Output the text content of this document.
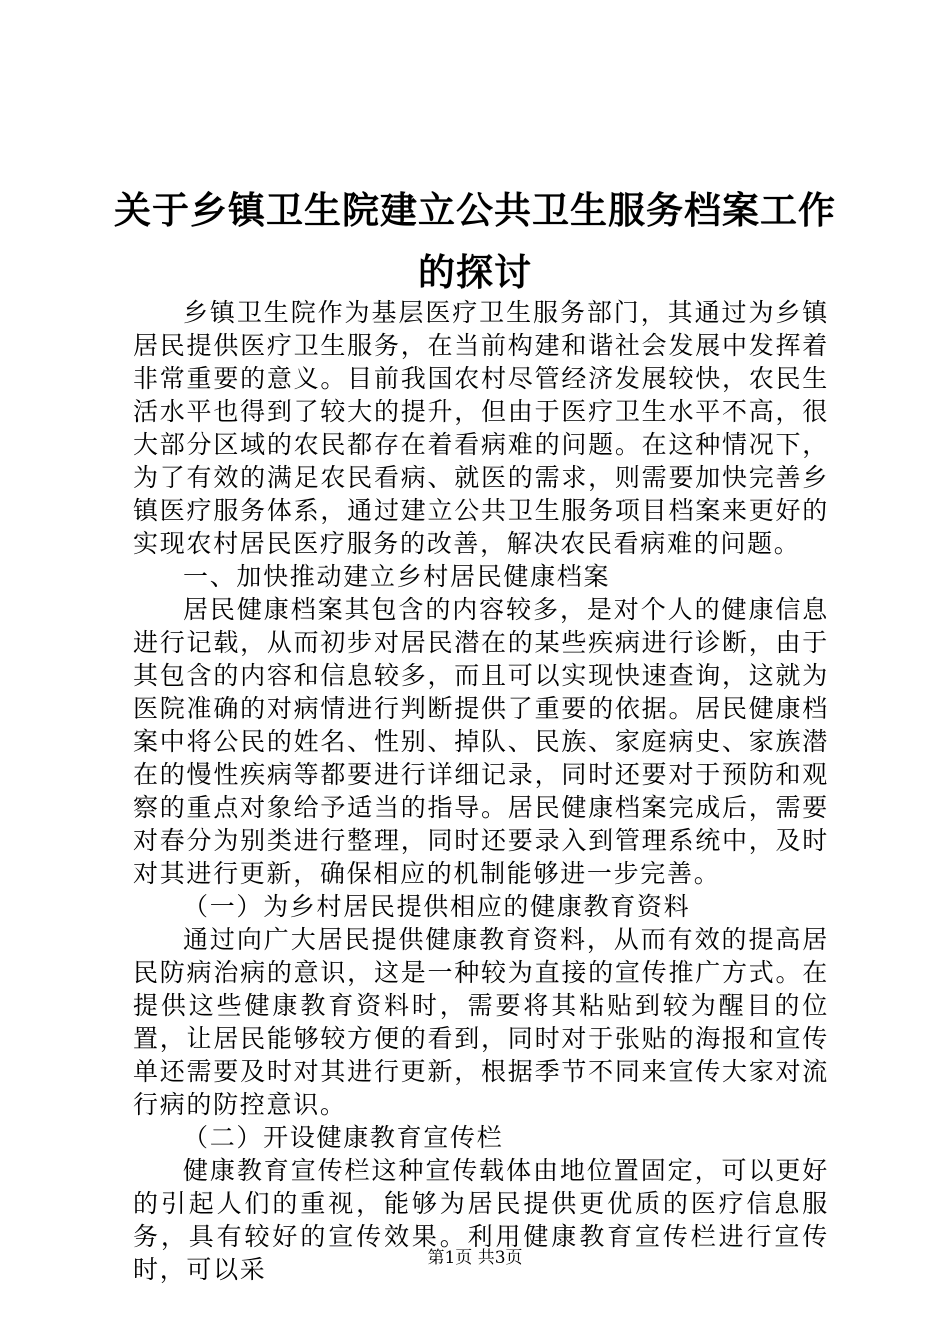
关于乡镇卫生院建立公共卫生服务档案工作的探讨

乡镇卫生院作为基层医疗卫生服务部门，其通过为乡镇居民提供医疗卫生服务，在当前构建和谐社会发展中发挥着非常重要的意义。目前我国农村尽管经济发展较快，农民生活水平也得到了较大的提升，但由于医疗卫生水平不高，很大部分区域的农民都存在着看病难的问题。在这种情况下，为了有效的满足农民看病、就医的需求，则需要加快完善乡镇医疗服务体系，通过建立公共卫生服务项目档案来更好的实现农村居民医疗服务的改善，解决农民看病难的问题。

一、加快推动建立乡村居民健康档案

居民健康档案其包含的内容较多，是对个人的健康信息进行记载，从而初步对居民潜在的某些疾病进行诊断，由于其包含的内容和信息较多，而且可以实现快速查询，这就为医院准确的对病情进行判断提供了重要的依据。居民健康档案中将公民的姓名、性别、掉队、民族、家庭病史、家族潜在的慢性疾病等都要进行详细记录，同时还要对于预防和观察的重点对象给予适当的指导。居民健康档案完成后，需要对春分为别类进行整理，同时还要录入到管理系统中，及时对其进行更新，确保相应的机制能够进一步完善。

（一）为乡村居民提供相应的健康教育资料

通过向广大居民提供健康教育资料，从而有效的提高居民防病治病的意识，这是一种较为直接的宣传推广方式。在提供这些健康教育资料时，需要将其粘贴到较为醒目的位置，让居民能够较方便的看到，同时对于张贴的海报和宣传单还需要及时对其进行更新，根据季节不同来宣传大家对流行病的防控意识。

（二）开设健康教育宣传栏

健康教育宣传栏这种宣传载体由地位置固定，可以更好的引起人们的重视，能够为居民提供更优质的医疗信息服务，具有较好的宣传效果。利用健康教育宣传栏进行宣传时，可以采	第1页 共3页
